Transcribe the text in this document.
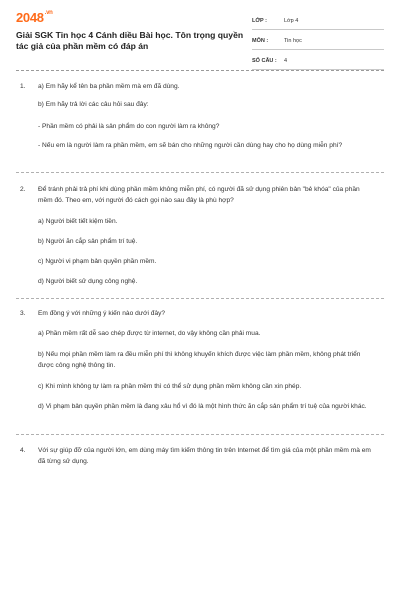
$2048^{.vn}$
Giải SGK Tin học 4 Cánh diều Bài học. Tôn trọng quyền tác giả của phần mềm có đáp án
LỚP :	Lớp 4
MÔN :	Tin học
SỐ CÂU : 4
1.	a) Em hãy kể tên ba phần mềm mà em đã dùng.
b) Em hãy trả lời các câu hỏi sau đây:
- Phần mềm có phải là sản phẩm do con người làm ra không?
- Nếu em là người làm ra phần mềm, em sẽ bán cho những người cần dùng hay cho họ dùng miễn phí?
2.	Để tránh phải trả phí khi dùng phần mềm không miễn phí, có người đã sử dụng phiên bản "bẻ khóa" của phần mềm đó. Theo em, với người đó cách gọi nào sau đây là phù hợp?
a) Người biết tiết kiệm tiền.
b) Người ăn cắp sản phẩm trí tuệ.
c) Người vi phạm bản quyền phần mềm.
d) Người biết sử dụng công nghệ.
3.	Em đồng ý với những ý kiến nào dưới đây?
a) Phần mềm rất dễ sao chép được từ internet, do vậy không cần phải mua.
b) Nếu mọi phần mềm làm ra đều miễn phí thì không khuyến khích được việc làm phần mềm, không phát triển được công nghệ thông tin.
c) Khi mình không tự làm ra phần mềm thì có thể sử dụng phần mềm không cần xin phép.
d) Vi phạm bản quyền phần mềm là đang xâu hổ vì đó là một hình thức ăn cắp sản phẩm trí tuệ của người khác.
4.	Với sự giúp đỡ của người lớn, em dùng máy tìm kiếm thông tin trên Internet để tìm giá của một phần mềm mà em đã từng sử dụng.
